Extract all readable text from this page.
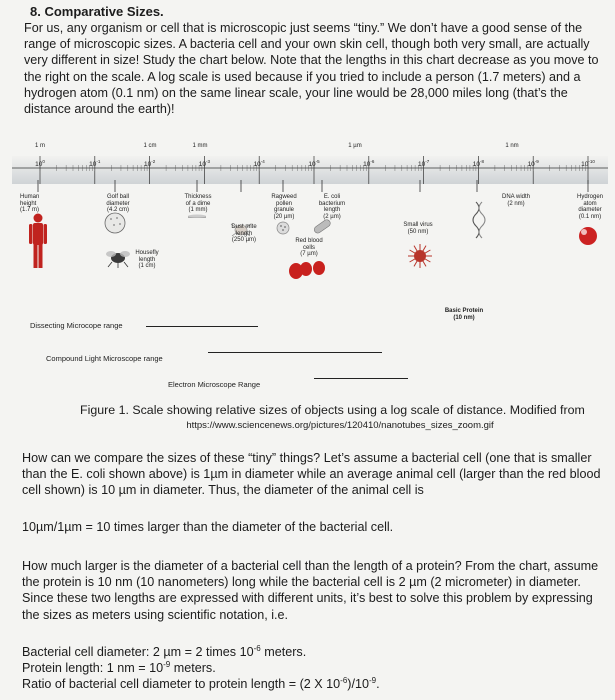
8. Comparative Sizes.

For us, any organism or cell that is microscopic just seems “tiny.” We don’t have a good sense of the range of microscopic sizes. A bacteria cell and your own skin cell, though both very small, are actually very different in size! Study the chart below. Note that the lengths in this chart decrease as you move to the right on the scale. A log scale is used because if you tried to include a person (1.7 meters) and a hydrogen atom (0.1 nm) on the same linear scale, your line would be 28,000 miles long (that’s the distance around the earth)!

$10^0$	$10^{-1}$	$10^{-2}$	$10^{-3}$	$10^{-4}$	$10^{-5}$	$10^{-6}$	$10^{-7}$	$10^{-8}$	$10^{-9}$	$10^{-10}$
1 m	1 cm	1 mm	1 µm	1 nm
Human
height
(1.7 m)
Golf ball
diameter
(4.2 cm)
Housefly
length
(1 cm)
Thickness
of a dime
(1 mm)
Dust mite
length
(250 µm)
Ragweed
pollen
granule
(20 µm)
E. coli
bacterium
length
(2 µm)
Red blood
cells
(7 µm)
Small virus
(50 nm)
DNA width
(2 nm)
Hydrogen
atom
diameter
(0.1 nm)
Basic Protein
(10 nm)
Dissecting Microcope range
Compound Light Microscope range
Electron Microscope Range
Figure 1. Scale showing relative sizes of objects using a log scale of distance. Modified from
https://www.sciencenews.org/pictures/120410/nanotubes_sizes_zoom.gif

How can we compare the sizes of these “tiny” things? Let’s assume a bacterial cell (one that is smaller than the E. coli shown above) is 1µm in diameter while an average animal cell (larger than the red blood cell shown) is 10 µm in diameter. Thus, the diameter of the animal cell is

10µm/1µm = 10 times larger than the diameter of the bacterial cell.

How much larger is the diameter of a bacterial cell than the length of a protein? From the chart, assume the protein is 10 nm (10 nanometers) long while the bacterial cell is 2 µm (2 micrometer) in diameter. Since these two lengths are expressed with different units, it’s best to solve this problem by expressing the sizes as meters using scientific notation, i.e.

Bacterial cell diameter: 2 µm = 2 times $10^{-6}$ meters.
Protein length: 1 nm = $10^{-9}$ meters.
Ratio of bacterial cell diameter to protein length = (2 X $10^{-6})/10^{-9}$.
